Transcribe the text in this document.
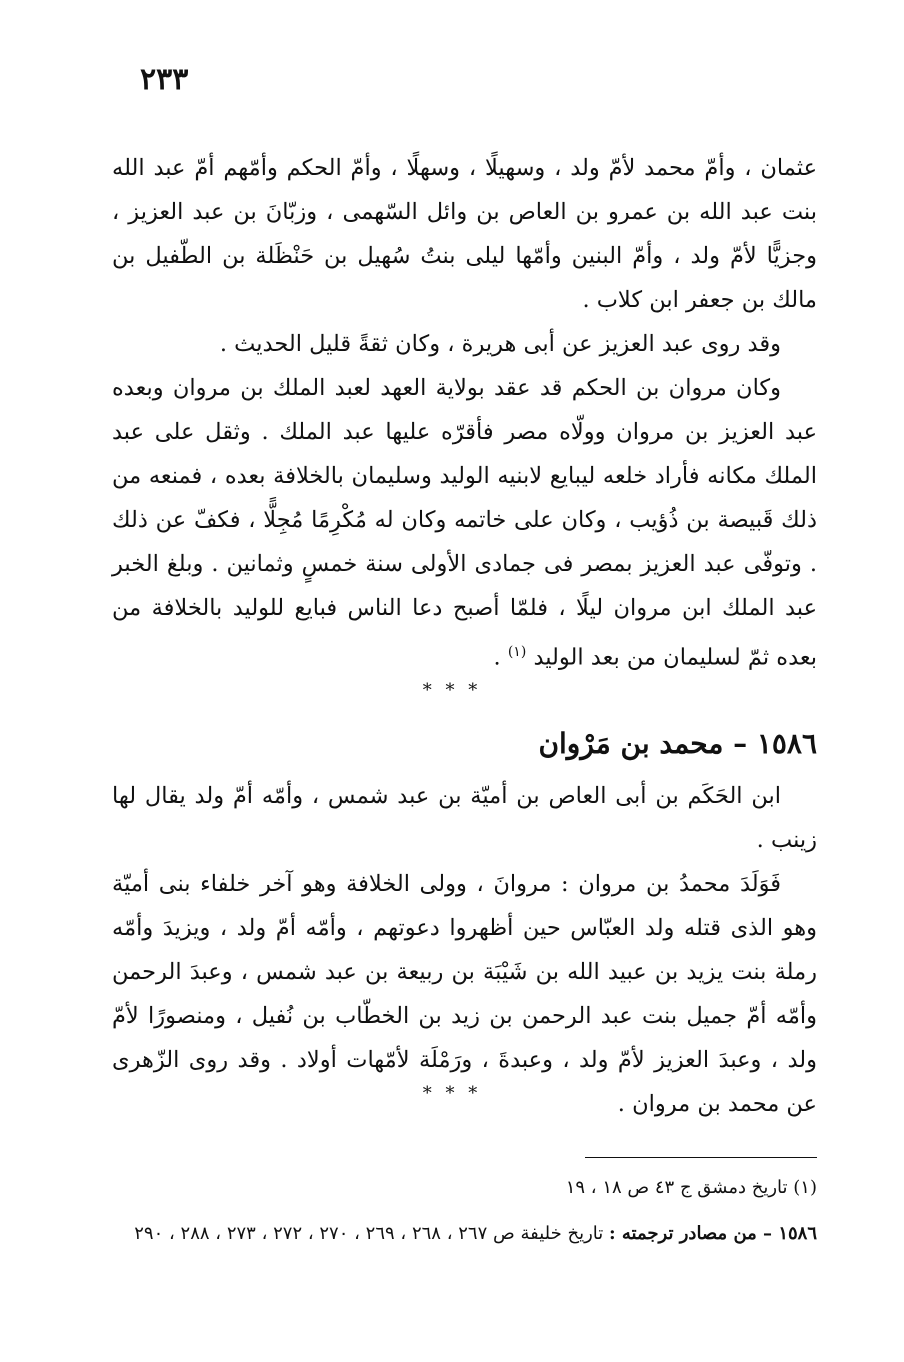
٢٣٣

عثمان ، وأمّ محمد لأمّ ولد ، وسهيلًا ، وسهلًا ، وأمّ الحكم وأمّهم أمّ عبد الله بنت عبد الله بن عمرو بن العاص بن وائل السّهمى ، وزبّانَ بن عبد العزيز ، وجزيًّا لأمّ ولد ، وأمّ البنين وأمّها ليلى بنتُ سُهيل بن حَنْظَلة بن الطّفيل بن مالك بن جعفر ابن كلاب .

وقد روى عبد العزيز عن أبى هريرة ، وكان ثقةً قليل الحديث .

وكان مروان بن الحكم قد عقد بولاية العهد لعبد الملك بن مروان وبعده عبد العزيز بن مروان وولّاه مصر فأقرّه عليها عبد الملك . وثقل على عبد الملك مكانه فأراد خلعه ليبايع لابنيه الوليد وسليمان بالخلافة بعده ، فمنعه من ذلك قَبيصة بن ذُؤيب ، وكان على خاتمه وكان له مُكْرِمًا مُجِلًّا ، فكفّ عن ذلك . وتوفّى عبد العزيز بمصر فى جمادى الأولى سنة خمسٍ وثمانين . وبلغ الخبر عبد الملك ابن مروان ليلًا ، فلمّا أصبح دعا الناس فبايع للوليد بالخلافة من بعده ثمّ لسليمان من بعد الوليد $^{(١)}$ .

* * *
١٥٨٦ – محمد بن مَرْوان

ابن الحَكَم بن أبى العاص بن أميّة بن عبد شمس ، وأمّه أمّ ولد يقال لها زينب .

فَوَلَدَ محمدُ بن مروان : مروانَ ، وولى الخلافة وهو آخر خلفاء بنى أميّة وهو الذى قتله ولد العبّاس حين أظهروا دعوتهم ، وأمّه أمّ ولد ، ويزيدَ وأمّه رملة بنت يزيد بن عبيد الله بن شَيْبَة بن ربيعة بن عبد شمس ، وعبدَ الرحمن وأمّه أمّ جميل بنت عبد الرحمن بن زيد بن الخطّاب بن نُفيل ، ومنصورًا لأمّ ولد ، وعبدَ العزيز لأمّ ولد ، وعبدةَ ، ورَمْلَة لأمّهات أولاد . وقد روى الزّهرى عن محمد بن مروان .

* * *

(١) تاريخ دمشق ج ٤٣ ص ١٨ ، ١٩

١٥٨٦ – من مصادر ترجمته : تاريخ خليفة ص ٢٦٧ ، ٢٦٨ ، ٢٦٩ ، ٢٧٠ ، ٢٧٢ ، ٢٧٣ ، ٢٨٨ ، ٢٩٠
